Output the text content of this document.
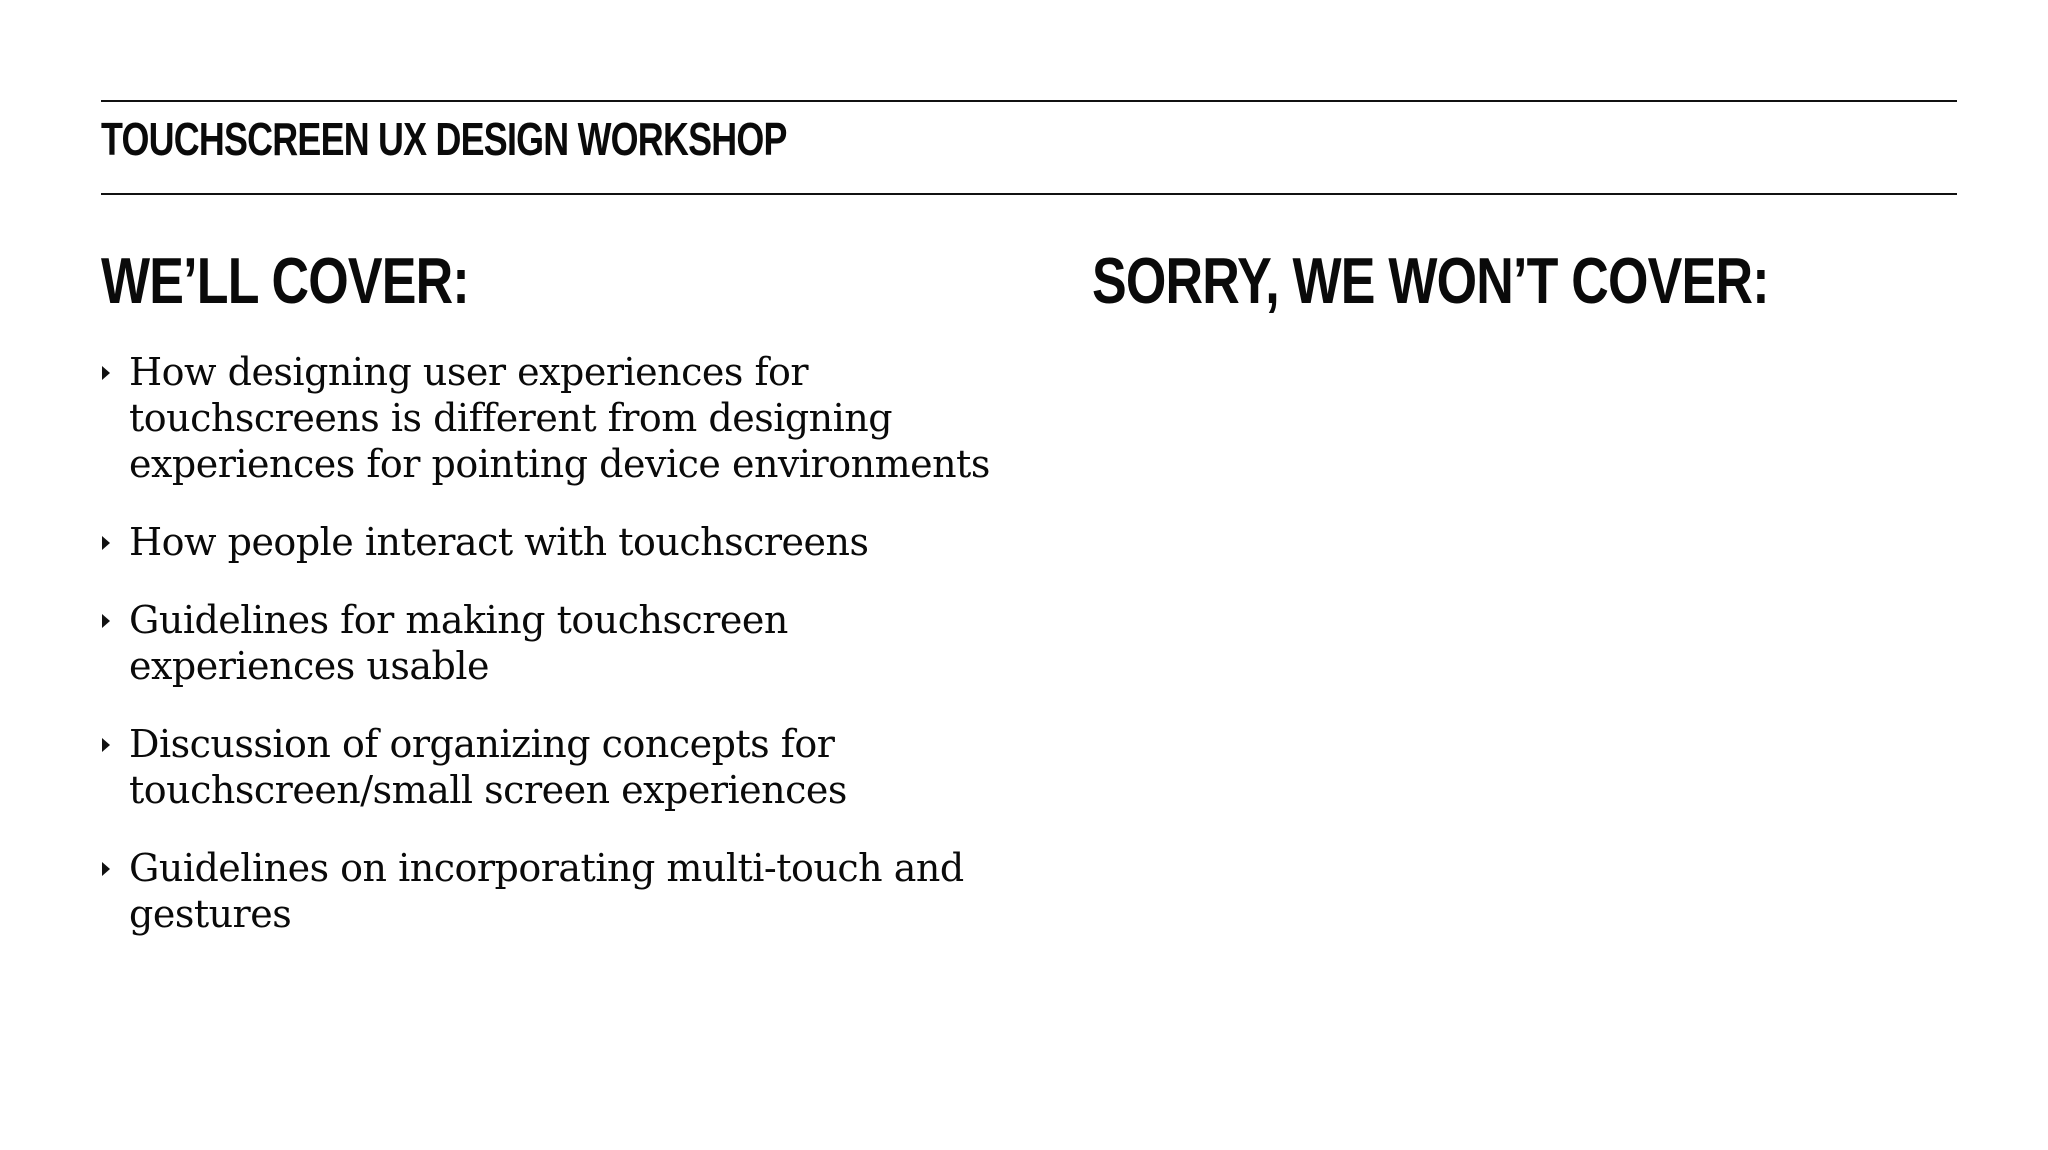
TOUCHSCREEN UX DESIGN WORKSHOP
WE’LL COVER:	SORRY, WE WON’T COVER:
How designing user experiences for touchscreens is different from designing experiences for pointing device environments
How people interact with touchscreens
Guidelines for making touchscreen experiences usable
Discussion of organizing concepts for touchscreen/small screen experiences
Guidelines on incorporating multi-touch and gestures
